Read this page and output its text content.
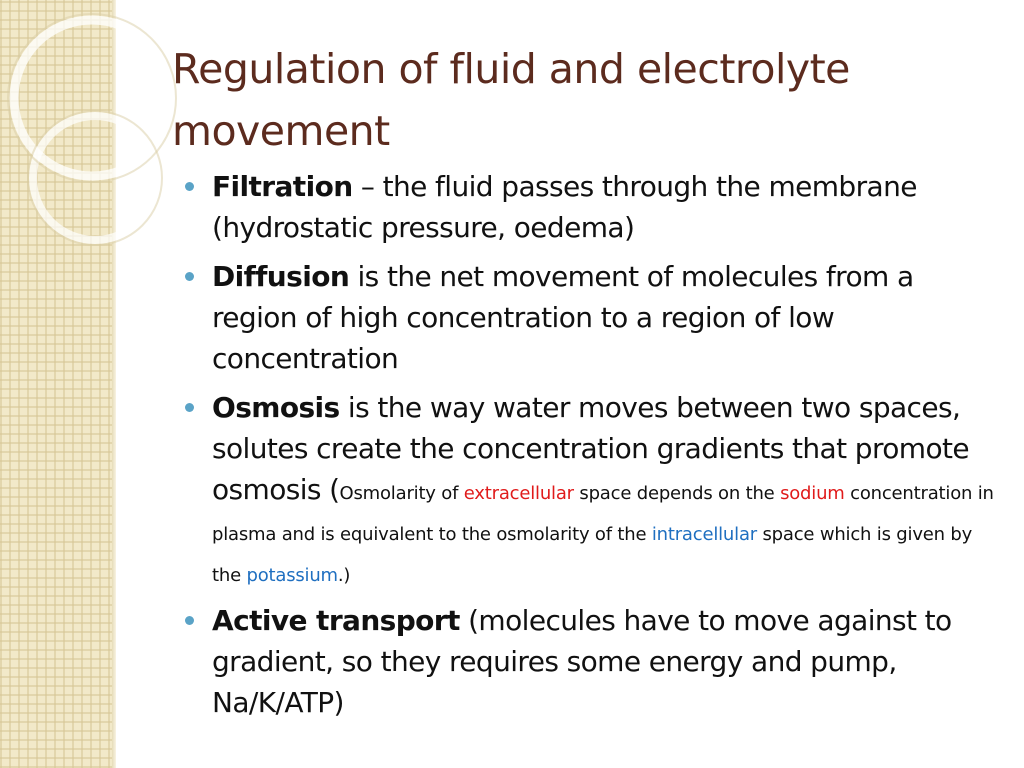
Regulation of fluid and electrolyte movement
Filtration – the fluid passes through the membrane (hydrostatic pressure, oedema)
Diffusion is the net movement of molecules from a region of high concentration to a region of low concentration
Osmosis is the way water moves between two spaces, solutes create the concentration gradients that promote osmosis (Osmolarity of extracellular space depends on the sodium concentration in plasma and is equivalent to the osmolarity of the intracellular space which is given by the potassium.)
Active transport (molecules have to move against to gradient, so they requires some energy and pump, Na/K/ATP)
